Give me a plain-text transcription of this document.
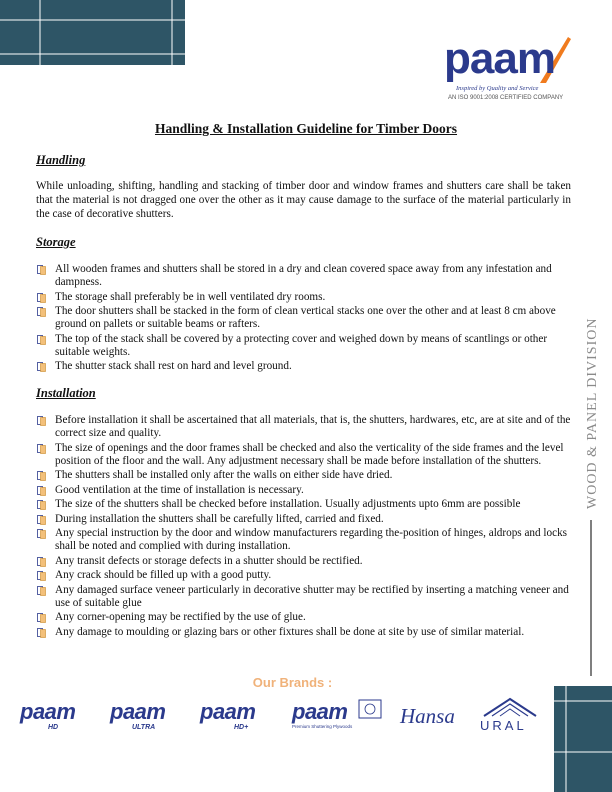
paam
Inspired by Quality and Service
AN ISO 9001:2008 CERTIFIED COMPANY
WOOD & PANEL DIVISION
Handling & Installation Guideline for Timber Doors
Handling
While unloading, shifting, handling and stacking of timber door and window frames and shutters care shall be taken that the material is not dragged one over the other as it may cause damage to the surface of the material particularly in the case of decorative shutters.
Storage
All wooden frames and shutters shall be stored in a dry and clean covered space away from any infestation and dampness.
The storage shall preferably be in well ventilated dry rooms.
The door shutters shall be stacked in the form of clean vertical stacks one over the other and at least 8 cm above ground on pallets or suitable beams or rafters.
The top of the stack shall be covered by a protecting cover and weighed down by means of scantlings or other suitable weights.
The shutter stack shall rest on hard and level ground.
Installation
Before installation it shall be ascertained that all materials, that is, the shutters, hardwares, etc, are at site and of the correct size and quality.
The size of openings and the door frames shall be checked and also the verticality of the side frames and the level position of the floor and the wall. Any adjustment necessary shall be made before installation of the shutters.
The shutters shall be installed only after the walls on either side have dried.
Good ventilation at the time of installation is necessary.
The size of the shutters shall be checked before installation. Usually adjustments upto 6mm are possible
During installation the shutters shall be carefully lifted, carried and fixed.
Any special instruction by the door and window manufacturers regarding the-position of hinges, aldrops and locks shall be noted and complied with during installation.
Any transit defects or storage defects in a shutter should be rectified.
Any crack should be filled up with a good putty.
Any damaged surface veneer particularly in decorative shutter may be rectified by inserting a matching veneer and use of suitable glue
Any corner-opening may be rectified by the use of glue.
Any damage to moulding or glazing bars or other fixtures shall be done at site by use of similar material.
Our Brands :
paam
HD
paam
ULTRA
paam
HD+
paam
Premium Shuttering Plywoods Hansa URAL
